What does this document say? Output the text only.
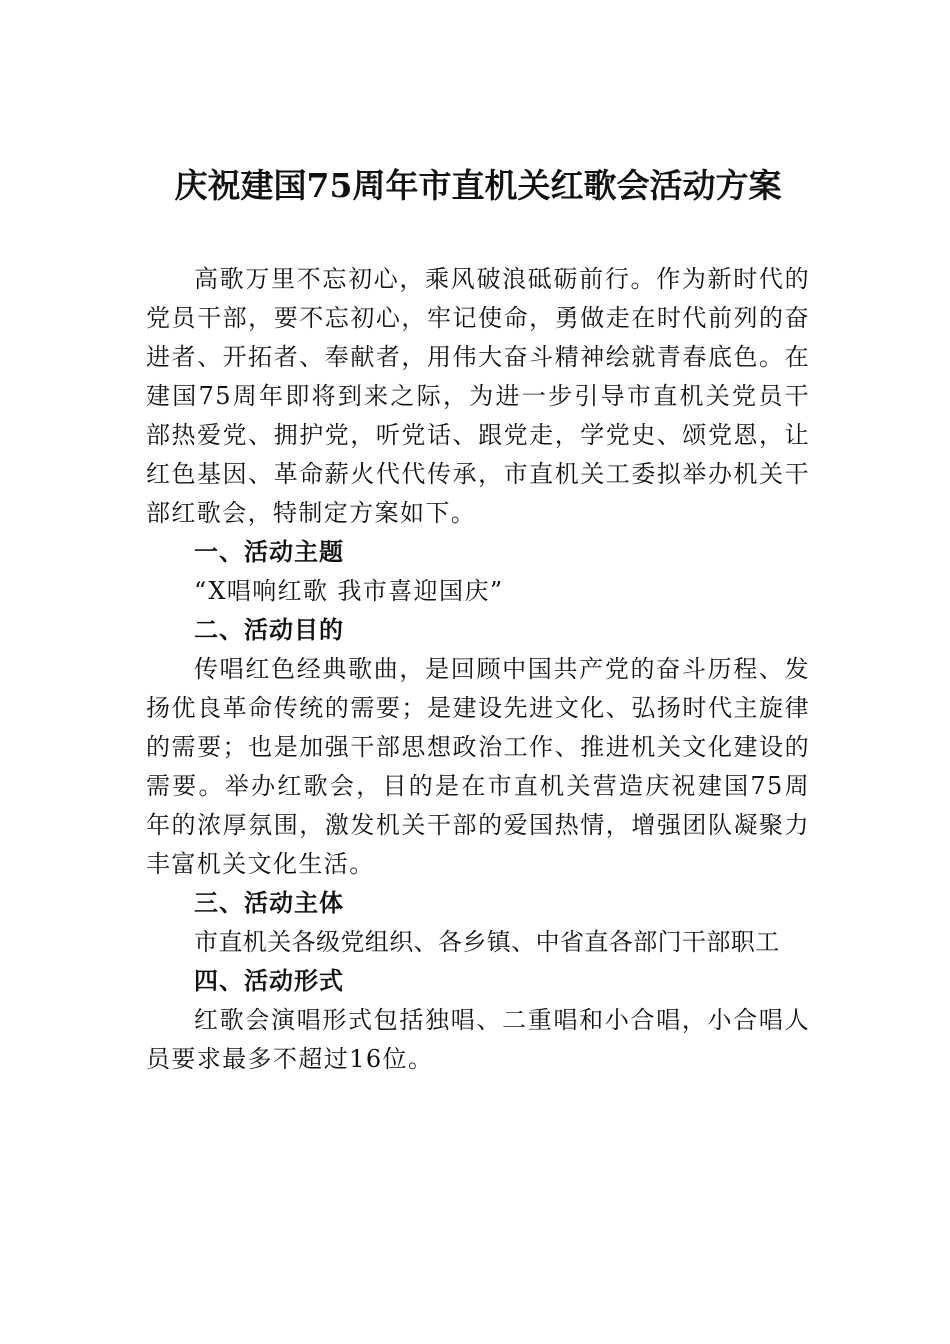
庆祝建国75周年市直机关红歌会活动方案

高歌万里不忘初心，乘风破浪砥砺前行。作为新时代的党员干部，要不忘初心，牢记使命，勇做走在时代前列的奋进者、开拓者、奉献者，用伟大奋斗精神绘就青春底色。在建国75周年即将到来之际，为进一步引导市直机关党员干部热爱党、拥护党，听党话、跟党走，学党史、颂党恩，让红色基因、革命薪火代代传承，市直机关工委拟举办机关干部红歌会，特制定方案如下。

一、活动主题

“X唱响红歌 我市喜迎国庆”

二、活动目的

传唱红色经典歌曲，是回顾中国共产党的奋斗历程、发扬优良革命传统的需要；是建设先进文化、弘扬时代主旋律的需要；也是加强干部思想政治工作、推进机关文化建设的需要。举办红歌会，目的是在市直机关营造庆祝建国75周年的浓厚氛围，激发机关干部的爱国热情，增强团队凝聚力丰富机关文化生活。

三、活动主体

市直机关各级党组织、各乡镇、中省直各部门干部职工

四、活动形式

红歌会演唱形式包括独唱、二重唱和小合唱，小合唱人员要求最多不超过16位。
